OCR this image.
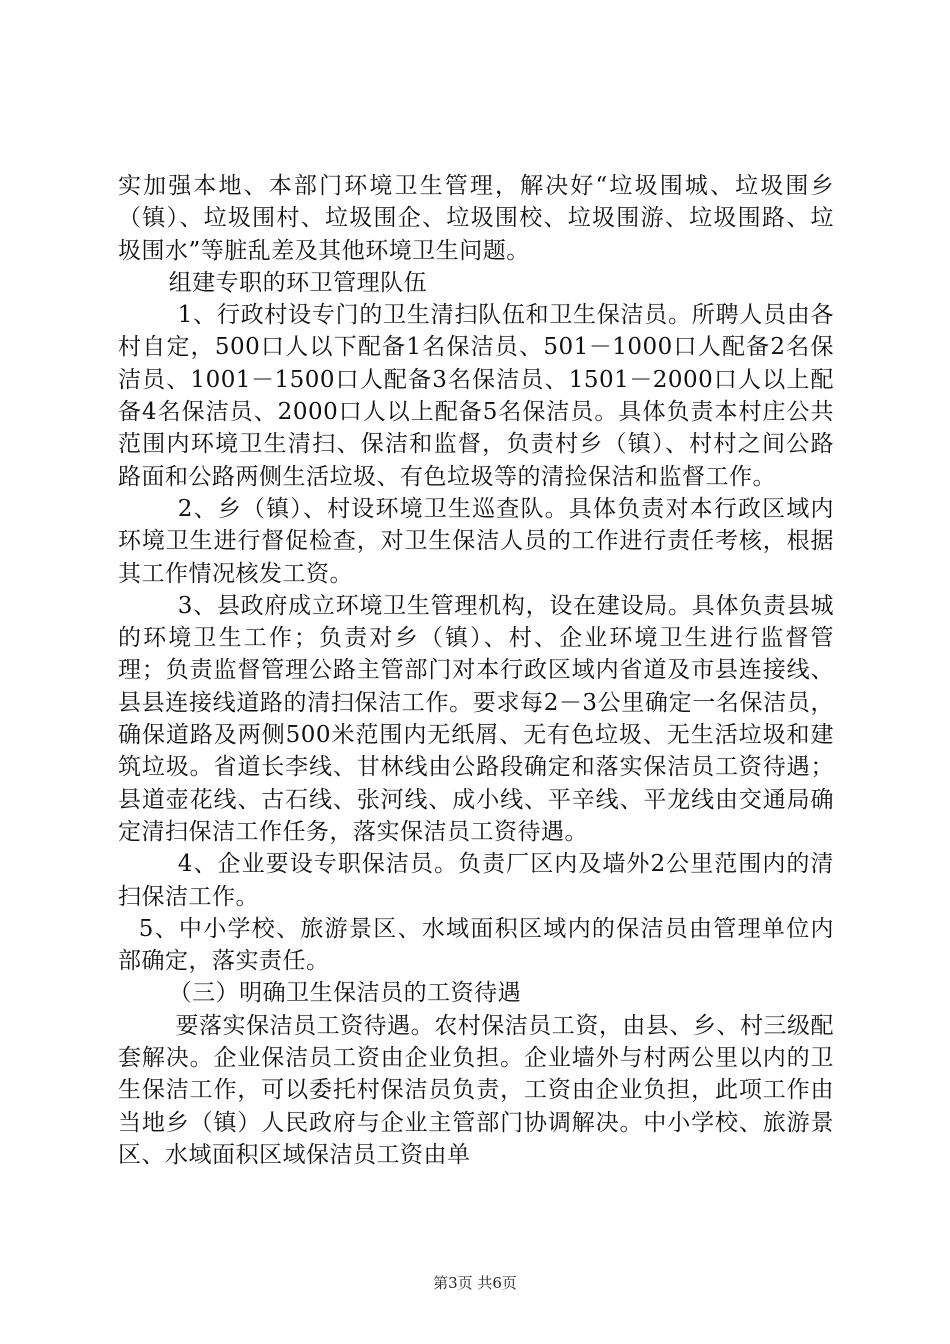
实加强本地、本部门环境卫生管理，解决好“垃圾围城、垃圾围乡（镇）、垃圾围村、垃圾围企、垃圾围校、垃圾围游、垃圾围路、垃圾围水”等脏乱差及其他环境卫生问题。

组建专职的环卫管理队伍

1、行政村设专门的卫生清扫队伍和卫生保洁员。所聘人员由各村自定，500口人以下配备1名保洁员、501－1000口人配备2名保洁员、1001－1500口人配备3名保洁员、1501－2000口人以上配备4名保洁员、2000口人以上配备5名保洁员。具体负责本村庄公共范围内环境卫生清扫、保洁和监督，负责村乡（镇）、村村之间公路路面和公路两侧生活垃圾、有色垃圾等的清捡保洁和监督工作。

2、乡（镇）、村设环境卫生巡查队。具体负责对本行政区域内环境卫生进行督促检查，对卫生保洁人员的工作进行责任考核，根据其工作情况核发工资。

3、县政府成立环境卫生管理机构，设在建设局。具体负责县城的环境卫生工作；负责对乡（镇）、村、企业环境卫生进行监督管理；负责监督管理公路主管部门对本行政区域内省道及市县连接线、县县连接线道路的清扫保洁工作。要求每2－3公里确定一名保洁员，确保道路及两侧500米范围内无纸屑、无有色垃圾、无生活垃圾和建筑垃圾。省道长李线、甘林线由公路段确定和落实保洁员工资待遇；县道壶花线、古石线、张河线、成小线、平辛线、平龙线由交通局确定清扫保洁工作任务，落实保洁员工资待遇。

4、企业要设专职保洁员。负责厂区内及墙外2公里范围内的清扫保洁工作。

5、中小学校、旅游景区、水域面积区域内的保洁员由管理单位内部确定，落实责任。

（三）明确卫生保洁员的工资待遇

要落实保洁员工资待遇。农村保洁员工资，由县、乡、村三级配套解决。企业保洁员工资由企业负担。企业墙外与村两公里以内的卫生保洁工作，可以委托村保洁员负责，工资由企业负担，此项工作由当地乡（镇）人民政府与企业主管部门协调解决。中小学校、旅游景区、水域面积区域保洁员工资由单

第3页 共6页
